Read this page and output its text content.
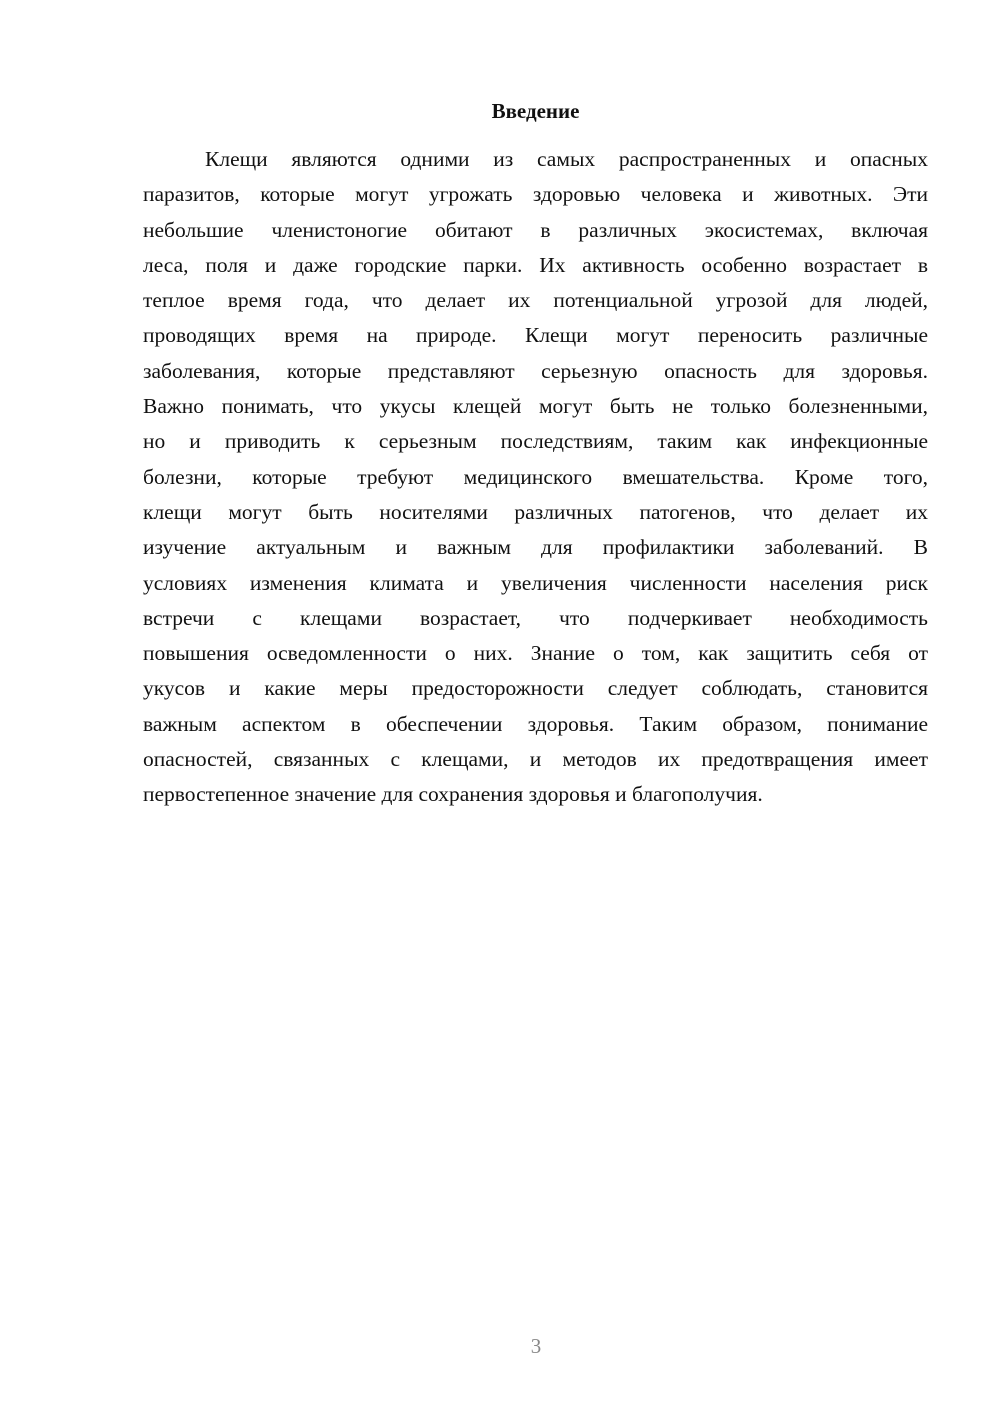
Введение
Клещи являются одними из самых распространенных и опасных
паразитов, которые могут угрожать здоровью человека и животных. Эти
небольшие членистоногие обитают в различных экосистемах, включая
леса, поля и даже городские парки. Их активность особенно возрастает в
теплое время года, что делает их потенциальной угрозой для людей,
проводящих время на природе. Клещи могут переносить различные
заболевания, которые представляют серьезную опасность для здоровья.
Важно понимать, что укусы клещей могут быть не только болезненными,
но и приводить к серьезным последствиям, таким как инфекционные
болезни, которые требуют медицинского вмешательства. Кроме того,
клещи могут быть носителями различных патогенов, что делает их
изучение актуальным и важным для профилактики заболеваний. В
условиях изменения климата и увеличения численности населения риск
встречи с клещами возрастает, что подчеркивает необходимость
повышения осведомленности о них. Знание о том, как защитить себя от
укусов и какие меры предосторожности следует соблюдать, становится
важным аспектом в обеспечении здоровья. Таким образом, понимание
опасностей, связанных с клещами, и методов их предотвращения имеет
первостепенное значение для сохранения здоровья и благополучия.
3
